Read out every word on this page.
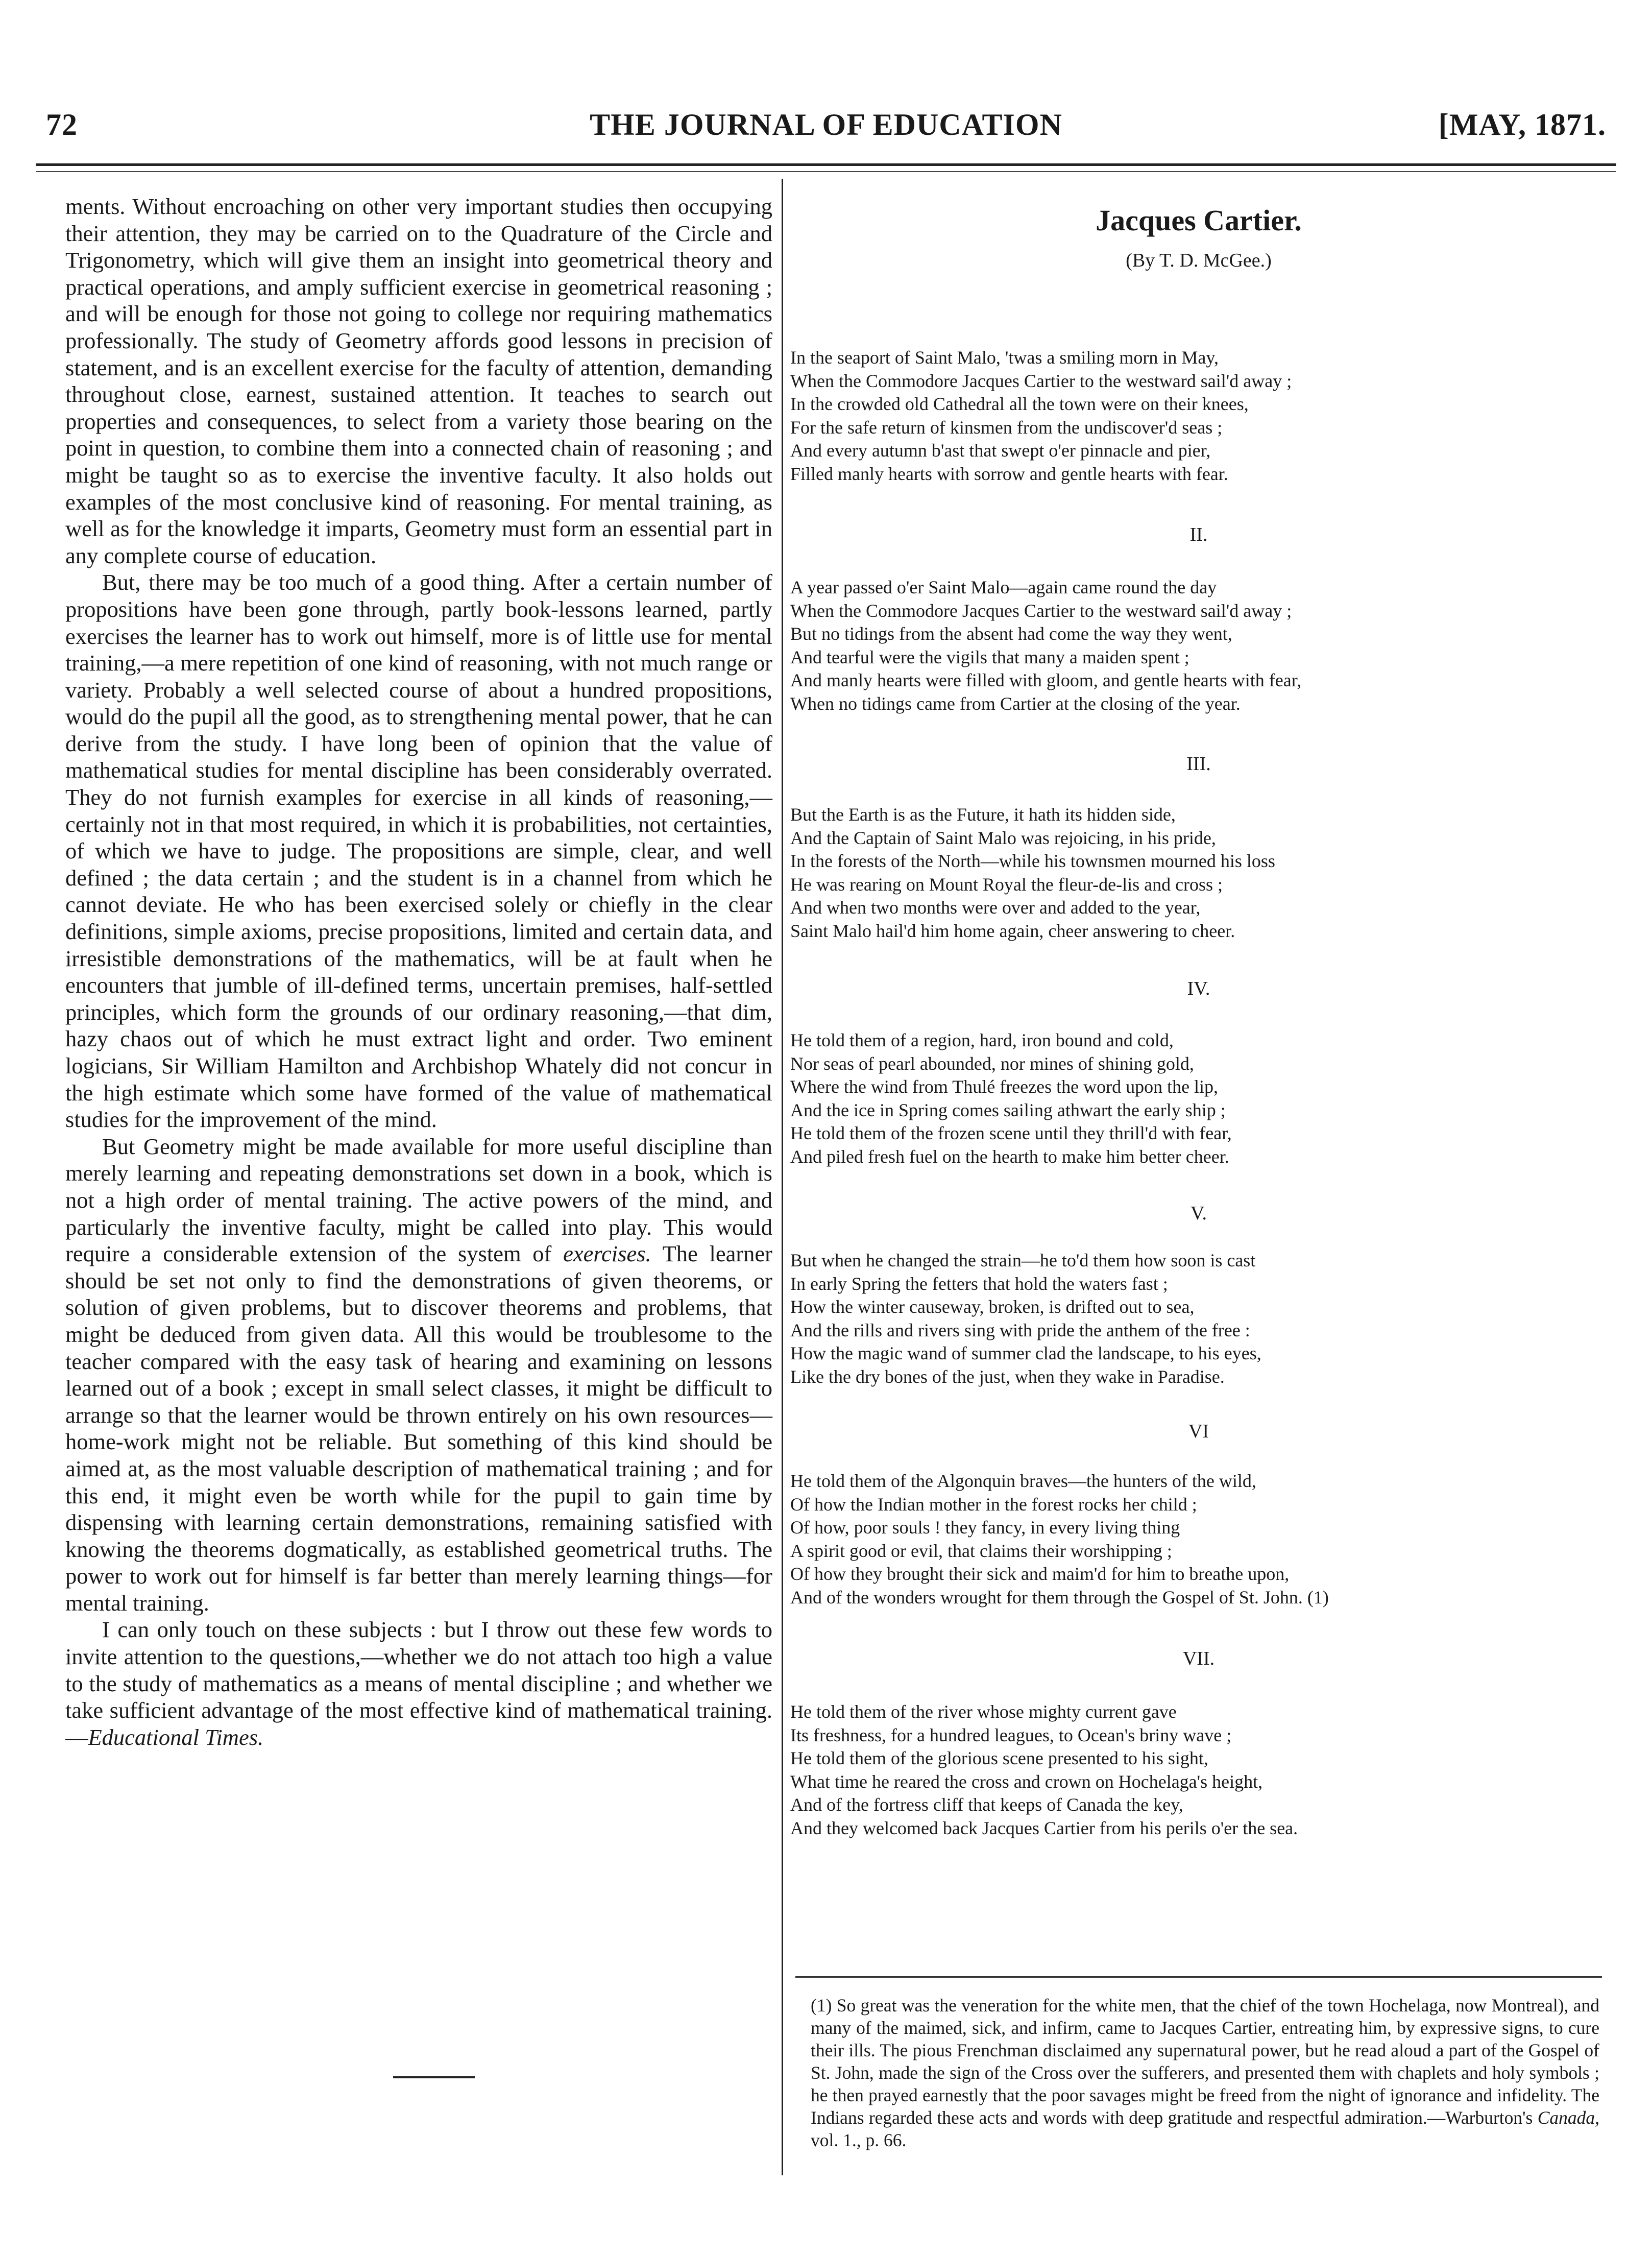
72	THE JOURNAL OF EDUCATION	[MAY, 1871.

ments. Without encroaching on other very important studies then occupying their attention, they may be carried on to the Quadrature of the Circle and Trigonometry, which will give them an insight into geometrical theory and practical operations, and amply sufficient exercise in geometrical reasoning ; and will be enough for those not going to college nor requiring mathematics professionally. The study of Geometry affords good lessons in precision of statement, and is an excellent exercise for the faculty of attention, demanding throughout close, earnest, sustained attention. It teaches to search out properties and consequences, to select from a variety those bearing on the point in question, to combine them into a connected chain of reasoning ; and might be taught so as to exercise the inventive faculty. It also holds out examples of the most conclusive kind of reasoning. For mental training, as well as for the knowledge it imparts, Geometry must form an essential part in any complete course of education.

But, there may be too much of a good thing. After a certain number of propositions have been gone through, partly book-lessons learned, partly exercises the learner has to work out himself, more is of little use for mental training,—a mere repetition of one kind of reasoning, with not much range or variety. Probably a well selected course of about a hundred propositions, would do the pupil all the good, as to strengthening mental power, that he can derive from the study. I have long been of opinion that the value of mathematical studies for mental discipline has been considerably overrated. They do not furnish examples for exercise in all kinds of reasoning,—certainly not in that most required, in which it is probabilities, not certainties, of which we have to judge. The propositions are simple, clear, and well defined ; the data certain ; and the student is in a channel from which he cannot deviate. He who has been exercised solely or chiefly in the clear definitions, simple axioms, precise propositions, limited and certain data, and irresistible demonstrations of the mathematics, will be at fault when he encounters that jumble of ill-defined terms, uncertain premises, half-settled principles, which form the grounds of our ordinary reasoning,—that dim, hazy chaos out of which he must extract light and order. Two eminent logicians, Sir William Hamilton and Archbishop Whately did not concur in the high estimate which some have formed of the value of mathematical studies for the improvement of the mind.

But Geometry might be made available for more useful discipline than merely learning and repeating demonstrations set down in a book, which is not a high order of mental training. The active powers of the mind, and particularly the inventive faculty, might be called into play. This would require a considerable extension of the system of exercises. The learner should be set not only to find the demonstrations of given theorems, or solution of given problems, but to discover theorems and problems, that might be deduced from given data. All this would be troublesome to the teacher compared with the easy task of hearing and examining on lessons learned out of a book ; except in small select classes, it might be difficult to arrange so that the learner would be thrown entirely on his own resources—home-work might not be reliable. But something of this kind should be aimed at, as the most valuable description of mathematical training ; and for this end, it might even be worth while for the pupil to gain time by dispensing with learning certain demonstrations, remaining satisfied with knowing the theorems dogmatically, as established geometrical truths. The power to work out for himself is far better than merely learning things—for mental training.

I can only touch on these subjects : but I throw out these few words to invite attention to the questions,—whether we do not attach too high a value to the study of mathematics as a means of mental discipline ; and whether we take sufficient advantage of the most effective kind of mathematical training.—Educational Times.

Jacques Cartier.
(By T. D. McGee.)
In the seaport of Saint Malo, 'twas a smiling morn in May,
When the Commodore Jacques Cartier to the westward sail'd away ;
In the crowded old Cathedral all the town were on their knees,
For the safe return of kinsmen from the undiscover'd seas ;
And every autumn b'ast that swept o'er pinnacle and pier,
Filled manly hearts with sorrow and gentle hearts with fear.
II.
A year passed o'er Saint Malo—again came round the day
When the Commodore Jacques Cartier to the westward sail'd away ;
But no tidings from the absent had come the way they went,
And tearful were the vigils that many a maiden spent ;
And manly hearts were filled with gloom, and gentle hearts with fear,
When no tidings came from Cartier at the closing of the year.
III.
But the Earth is as the Future, it hath its hidden side,
And the Captain of Saint Malo was rejoicing, in his pride,
In the forests of the North—while his townsmen mourned his loss
He was rearing on Mount Royal the fleur-de-lis and cross ;
And when two months were over and added to the year,
Saint Malo hail'd him home again, cheer answering to cheer.
IV.
He told them of a region, hard, iron bound and cold,
Nor seas of pearl abounded, nor mines of shining gold,
Where the wind from Thulé freezes the word upon the lip,
And the ice in Spring comes sailing athwart the early ship ;
He told them of the frozen scene until they thrill'd with fear,
And piled fresh fuel on the hearth to make him better cheer.
V.
But when he changed the strain—he to'd them how soon is cast
In early Spring the fetters that hold the waters fast ;
How the winter causeway, broken, is drifted out to sea,
And the rills and rivers sing with pride the anthem of the free :
How the magic wand of summer clad the landscape, to his eyes,
Like the dry bones of the just, when they wake in Paradise.
VI
He told them of the Algonquin braves—the hunters of the wild,
Of how the Indian mother in the forest rocks her child ;
Of how, poor souls ! they fancy, in every living thing
A spirit good or evil, that claims their worshipping ;
Of how they brought their sick and maim'd for him to breathe upon,
And of the wonders wrought for them through the Gospel of St. John. (1)
VII.
He told them of the river whose mighty current gave
Its freshness, for a hundred leagues, to Ocean's briny wave ;
He told them of the glorious scene presented to his sight,
What time he reared the cross and crown on Hochelaga's height,
And of the fortress cliff that keeps of Canada the key,
And they welcomed back Jacques Cartier from his perils o'er the sea.
(1) So great was the veneration for the white men, that the chief of the town Hochelaga, now Montreal), and many of the maimed, sick, and infirm, came to Jacques Cartier, entreating him, by expressive signs, to cure their ills. The pious Frenchman disclaimed any supernatural power, but he read aloud a part of the Gospel of St. John, made the sign of the Cross over the sufferers, and presented them with chaplets and holy symbols ; he then prayed earnestly that the poor savages might be freed from the night of ignorance and infidelity. The Indians regarded these acts and words with deep gratitude and respectful admiration.—Warburton's Canada, vol. 1., p. 66.
